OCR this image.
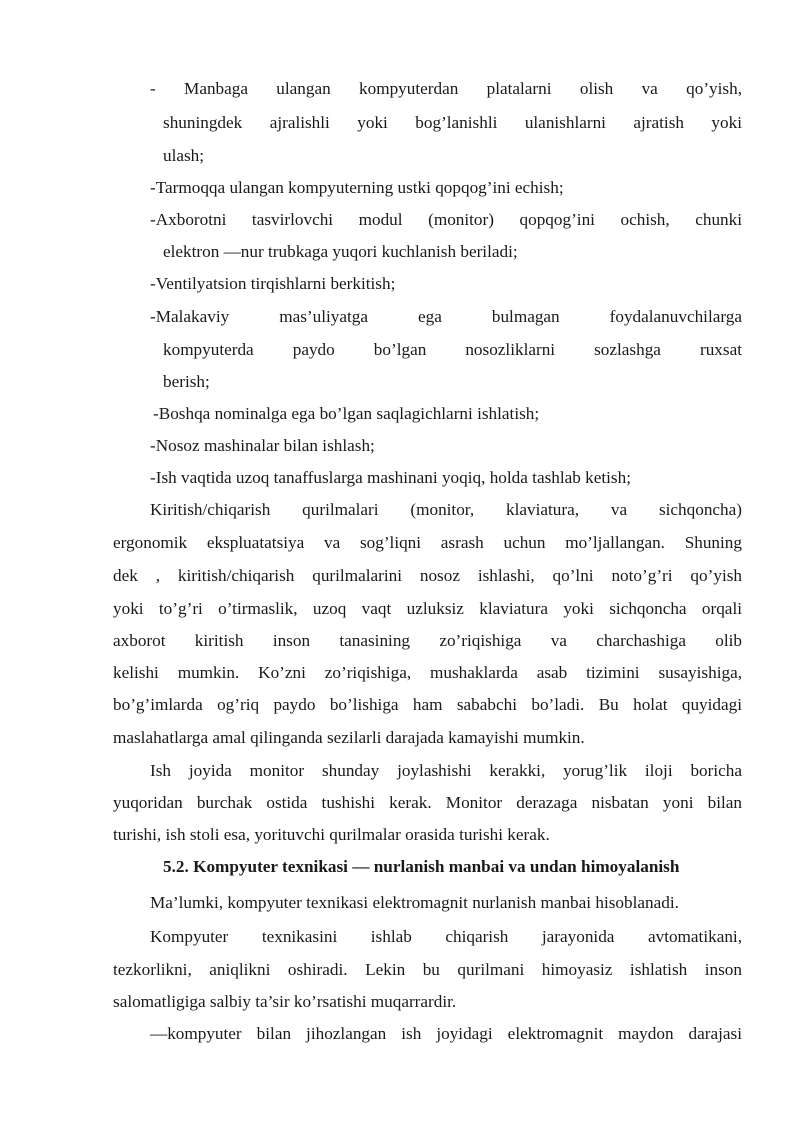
- Manbaga ulangan kompyuterdan platalarni olish va qo’yish,
shuningdek ajralishli yoki bog’lanishli ulanishlarni ajratish yoki
ulash;
-Tarmoqqa ulangan kompyuterning ustki qopqog’ini echish;
-Axborotni tasvirlovchi modul (monitor) qopqog’ini ochish, chunki
elektron —nur trubkaga yuqori kuchlanish beriladi;
-Ventilyatsion tirqishlarni berkitish;
-Malakaviy mas’uliyatga ega bulmagan foydalanuvchilarga
kompyuterda paydo bo’lgan nosozliklarni sozlashga ruxsat
berish;
-Boshqa nominalga ega bo’lgan saqlagichlarni ishlatish;
-Nosoz mashinalar bilan ishlash;
-Ish vaqtida uzoq tanaffuslarga mashinani yoqiq, holda tashlab ketish;
Kiritish/chiqarish qurilmalari (monitor, klaviatura, va sichqoncha)
ergonomik ekspluatatsiya va sog’liqni asrash uchun mo’ljallangan. Shuning
dek , kiritish/chiqarish qurilmalarini nosoz ishlashi, qo’lni noto’g’ri qo’yish
yoki to’g’ri o’tirmaslik, uzoq vaqt uzluksiz klaviatura yoki sichqoncha orqali
axborot kiritish inson tanasining zo’riqishiga va charchashiga olib
kelishi mumkin. Ko’zni zo’riqishiga, mushaklarda asab tizimini susayishiga,
bo’g’imlarda og’riq paydo bo’lishiga ham sababchi bo’ladi. Bu holat quyidagi
maslahatlarga amal qilinganda sezilarli darajada kamayishi mumkin.
Ish joyida monitor shunday joylashishi kerakki, yorug’lik iloji boricha
yuqoridan burchak ostida tushishi kerak. Monitor derazaga nisbatan yoni bilan
turishi, ish stoli esa, yorituvchi qurilmalar orasida turishi kerak.
5.2. Kompyuter texnikasi — nurlanish manbai va undan himoyalanish
Ma’lumki, kompyuter texnikasi elektromagnit nurlanish manbai hisoblanadi.
Kompyuter texnikasini ishlab chiqarish jarayonida avtomatikani,
tezkorlikni, aniqlikni oshiradi. Lekin bu qurilmani himoyasiz ishlatish inson
salomatligiga salbiy ta’sir ko’rsatishi muqarrardir.
—kompyuter bilan jihozlangan ish joyidagi elektromagnit maydon darajasi
